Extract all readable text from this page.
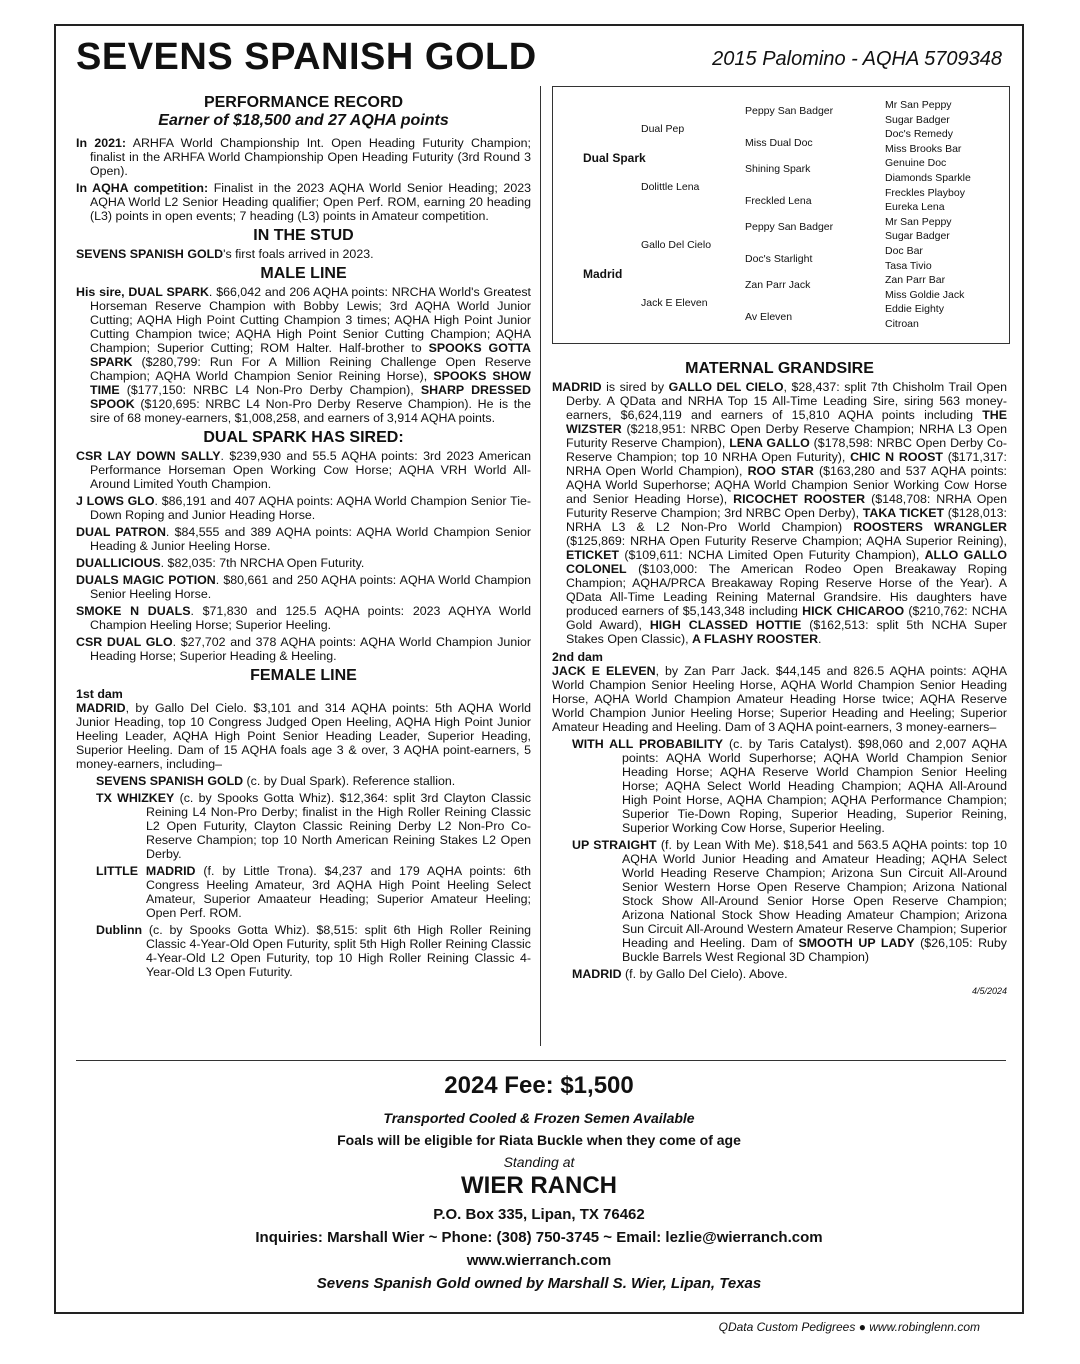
SEVENS SPANISH GOLD	2015 Palomino - AQHA 5709348
PERFORMANCE RECORD
Earner of $18,500 and 27 AQHA points

In 2021: ARHFA World Championship Int. Open Heading Futurity Champion; finalist in the ARHFA World Championship Open Heading Futurity (3rd Round 3 Open).

In AQHA competition: Finalist in the 2023 AQHA World Senior Heading; 2023 AQHA World L2 Senior Heading qualifier; Open Perf. ROM, earning 20 heading (L3) points in open events; 7 heading (L3) points in Amateur competition.

IN THE STUD

SEVENS SPANISH GOLD's first foals arrived in 2023.

MALE LINE

His sire, DUAL SPARK. $66,042 and 206 AQHA points: NRCHA World's Greatest Horseman Reserve Champion with Bobby Lewis; 3rd AQHA World Junior Cutting; AQHA High Point Cutting Champion 3 times; AQHA High Point Junior Cutting Champion twice; AQHA High Point Senior Cutting Champion; AQHA Champion; Superior Cutting; ROM Halter. Half-brother to SPOOKS GOTTA SPARK ($280,799: Run For A Million Reining Challenge Open Reserve Champion; AQHA World Champion Senior Reining Horse), SPOOKS SHOW TIME ($177,150: NRBC L4 Non-Pro Derby Champion), SHARP DRESSED SPOOK ($120,695: NRBC L4 Non-Pro Derby Reserve Champion). He is the sire of 68 money-earners, $1,008,258, and earners of 3,914 AQHA points.

DUAL SPARK HAS SIRED:

CSR LAY DOWN SALLY. $239,930 and 55.5 AQHA points: 3rd 2023 American Performance Horseman Open Working Cow Horse; AQHA VRH World All-Around Limited Youth Champion.

J LOWS GLO. $86,191 and 407 AQHA points: AQHA World Champion Senior Tie-Down Roping and Junior Heading Horse.

DUAL PATRON. $84,555 and 389 AQHA points: AQHA World Champion Senior Heading & Junior Heeling Horse.

DUALLICIOUS. $82,035: 7th NRCHA Open Futurity.

DUALS MAGIC POTION. $80,661 and 250 AQHA points: AQHA World Champion Senior Heeling Horse.

SMOKE N DUALS. $71,830 and 125.5 AQHA points: 2023 AQHYA World Champion Heeling Horse; Superior Heeling.

CSR DUAL GLO. $27,702 and 378 AQHA points: AQHA World Champion Junior Heading Horse; Superior Heading & Heeling.

FEMALE LINE
1st dam

MADRID, by Gallo Del Cielo. $3,101 and 314 AQHA points: 5th AQHA World Junior Heading, top 10 Congress Judged Open Heeling, AQHA High Point Junior Heeling Leader, AQHA High Point Senior Heading Leader, Superior Heading, Superior Heeling. Dam of 15 AQHA foals age 3 & over, 3 AQHA point-earners, 5 money-earners, including–

SEVENS SPANISH GOLD (c. by Dual Spark). Reference stallion.

TX WHIZKEY (c. by Spooks Gotta Whiz). $12,364: split 3rd Clayton Classic Reining L4 Non-Pro Derby; finalist in the High Roller Reining Classic L2 Open Futurity, Clayton Classic Reining Derby L2 Non-Pro Co-Reserve Champion; top 10 North American Reining Stakes L2 Open Derby.

LITTLE MADRID (f. by Little Trona). $4,237 and 179 AQHA points: 6th Congress Heeling Amateur, 3rd AQHA High Point Heeling Select Amateur, Superior Amaateur Heading; Superior Amateur Heeling; Open Perf. ROM.

Dublinn (c. by Spooks Gotta Whiz). $8,515: split 6th High Roller Reining Classic 4-Year-Old Open Futurity, split 5th High Roller Reining Classic 4-Year-Old L2 Open Futurity, top 10 High Roller Reining Classic 4-Year-Old L3 Open Futurity.

Dual Spark
Madrid
Dual Pep
Dolittle Lena
Gallo Del Cielo
Jack E Eleven
Peppy San Badger
Miss Dual Doc
Shining Spark
Freckled Lena
Peppy San Badger
Doc's Starlight
Zan Parr Jack
Av Eleven
Mr San Peppy
Sugar Badger
Doc's Remedy
Miss Brooks Bar
Genuine Doc
Diamonds Sparkle
Freckles Playboy
Eureka Lena
Mr San Peppy
Sugar Badger
Doc Bar
Tasa Tivio
Zan Parr Bar
Miss Goldie Jack
Eddie Eighty
Citroan
MATERNAL GRANDSIRE

MADRID is sired by GALLO DEL CIELO, $28,437: split 7th Chisholm Trail Open Derby. A QData and NRHA Top 15 All-Time Leading Sire, siring 563 money-earners, $6,624,119 and earners of 15,810 AQHA points including THE WIZSTER ($218,951: NRBC Open Derby Reserve Champion; NRHA L3 Open Futurity Reserve Champion), LENA GALLO ($178,598: NRBC Open Derby Co-Reserve Champion; top 10 NRHA Open Futurity), CHIC N ROOST ($171,317: NRHA Open World Champion), ROO STAR ($163,280 and 537 AQHA points: AQHA World Superhorse; AQHA World Champion Senior Working Cow Horse and Senior Heading Horse), RICOCHET ROOSTER ($148,708: NRHA Open Futurity Reserve Champion; 3rd NRBC Open Derby), TAKA TICKET ($128,013: NRHA L3 & L2 Non-Pro World Champion) ROOSTERS WRANGLER ($125,869: NRHA Open Futurity Reserve Champion; AQHA Superior Reining), ETICKET ($109,611: NCHA Limited Open Futurity Champion), ALLO GALLO COLONEL ($103,000: The American Rodeo Open Breakaway Roping Champion; AQHA/PRCA Breakaway Roping Reserve Horse of the Year). A QData All-Time Leading Reining Maternal Grandsire. His daughters have produced earners of $5,143,348 including HICK CHICAROO ($210,762: NCHA Gold Award), HIGH CLASSED HOTTIE ($162,513: split 5th NCHA Super Stakes Open Classic), A FLASHY ROOSTER.

2nd dam

JACK E ELEVEN, by Zan Parr Jack. $44,145 and 826.5 AQHA points: AQHA World Champion Senior Heeling Horse, AQHA World Champion Senior Heading Horse, AQHA World Champion Amateur Heading Horse twice; AQHA Reserve World Champion Junior Heeling Horse; Superior Heading and Heeling; Superior Amateur Heading and Heeling. Dam of 3 AQHA point-earners, 3 money-earners–

WITH ALL PROBABILITY (c. by Taris Catalyst). $98,060 and 2,007 AQHA points: AQHA World Superhorse; AQHA World Champion Senior Heading Horse; AQHA Reserve World Champion Senior Heeling Horse; AQHA Select World Heading Champion; AQHA All-Around High Point Horse, AQHA Champion; AQHA Performance Champion; Superior Tie-Down Roping, Superior Heading, Superior Reining, Superior Working Cow Horse, Superior Heeling.

UP STRAIGHT (f. by Lean With Me). $18,541 and 563.5 AQHA points: top 10 AQHA World Junior Heading and Amateur Heading; AQHA Select World Heading Reserve Champion; Arizona Sun Circuit All-Around Senior Western Horse Open Reserve Champion; Arizona National Stock Show All-Around Senior Horse Open Reserve Champion; Arizona National Stock Show Heading Amateur Champion; Arizona Sun Circuit All-Around Western Amateur Reserve Champion; Superior Heading and Heeling. Dam of SMOOTH UP LADY ($26,105: Ruby Buckle Barrels West Regional 3D Champion)

MADRID (f. by Gallo Del Cielo). Above.

4/5/2024
2024 Fee: $1,500
Transported Cooled & Frozen Semen Available
Foals will be eligible for Riata Buckle when they come of age
Standing at
WIER RANCH
P.O. Box 335, Lipan, TX 76462
Inquiries: Marshall Wier ~ Phone: (308) 750-3745 ~ Email: lezlie@wierranch.com
www.wierranch.com
Sevens Spanish Gold owned by Marshall S. Wier, Lipan, Texas
QData Custom Pedigrees ● www.robinglenn.com
